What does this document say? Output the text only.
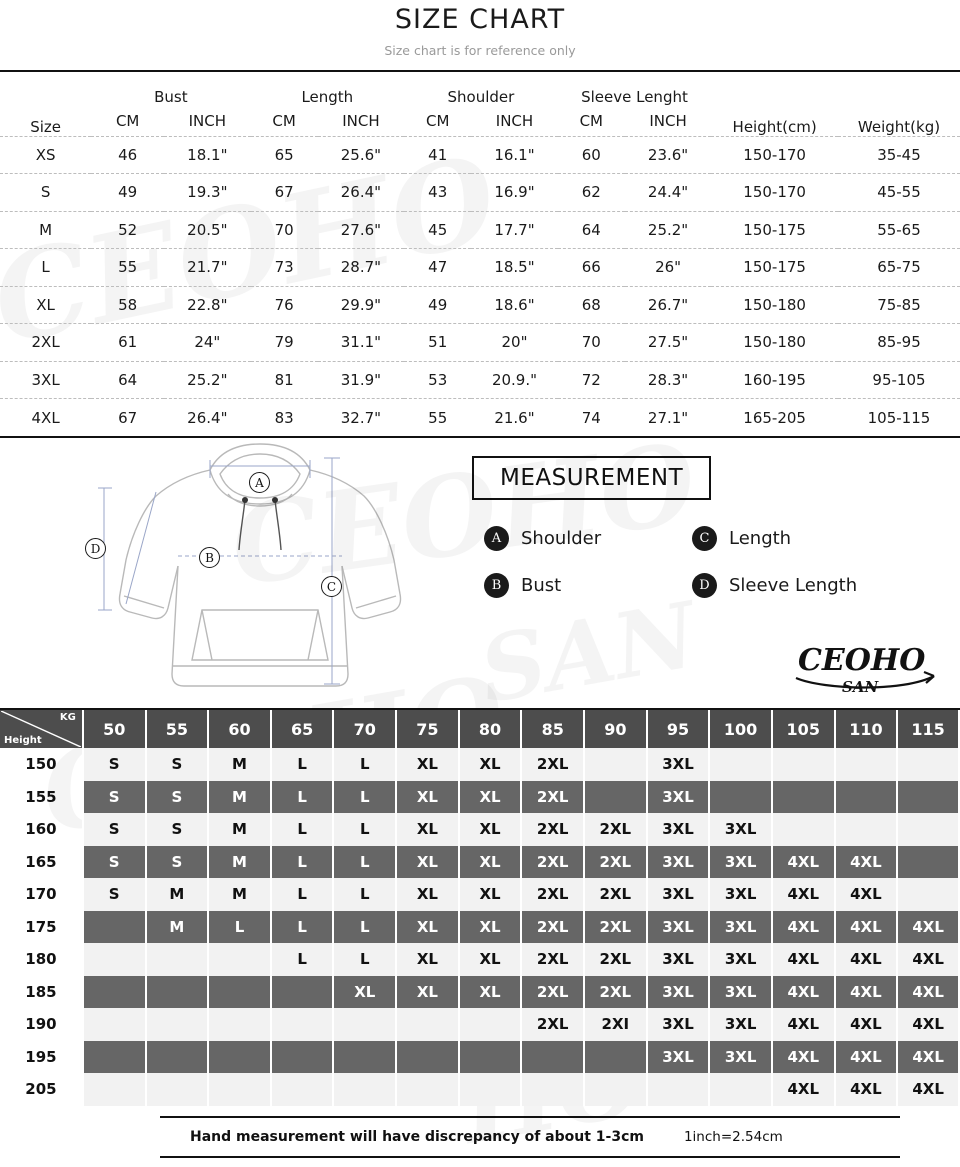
SIZE CHART
Size chart is for reference only
Size	Bust		Length		Shoulder		Sleeve Lenght		Height(cm)	Weight(kg)
	CM	INCH	CM	INCH	CM	INCH	CM	INCH		
XS	46	18.1"	65	25.6"	41	16.1"	60	23.6"	150-170	35-45
S	49	19.3"	67	26.4"	43	16.9"	62	24.4"	150-170	45-55
M	52	20.5"	70	27.6"	45	17.7"	64	25.2"	150-175	55-65
L	55	21.7"	73	28.7"	47	18.5"	66	26"	150-175	65-75
XL	58	22.8"	76	29.9"	49	18.6"	68	26.7"	150-180	75-85
2XL	61	24"	79	31.1"	51	20"	70	27.5"	150-180	85-95
3XL	64	25.2"	81	31.9"	53	20.9."	72	28.3"	160-195	95-105
4XL	67	26.4"	83	32.7"	55	21.6"	74	27.1"	165-205	105-115
A
B
C
D
MEASUREMENT
A	Shoulder	C	Length
B	Bust	D	Sleeve Length
CEOHO
SAN
KG
Height	50	55	60	65	70	75	80	85	90	95	100	105	110	115
150	S	S	M	L	L	XL	XL	2XL		3XL				
155	S	S	M	L	L	XL	XL	2XL		3XL				
160	S	S	M	L	L	XL	XL	2XL	2XL	3XL	3XL			
165	S	S	M	L	L	XL	XL	2XL	2XL	3XL	3XL	4XL	4XL	
170	S	M	M	L	L	XL	XL	2XL	2XL	3XL	3XL	4XL	4XL	
175		M	L	L	L	XL	XL	2XL	2XL	3XL	3XL	4XL	4XL	4XL
180				L	L	XL	XL	2XL	2XL	3XL	3XL	4XL	4XL	4XL
185					XL	XL	XL	2XL	2XL	3XL	3XL	4XL	4XL	4XL
190								2XL	2XI	3XL	3XL	4XL	4XL	4XL
195										3XL	3XL	4XL	4XL	4XL
205												4XL	4XL	4XL
Hand measurement will have discrepancy of about 1-3cm	1inch=2.54cm
